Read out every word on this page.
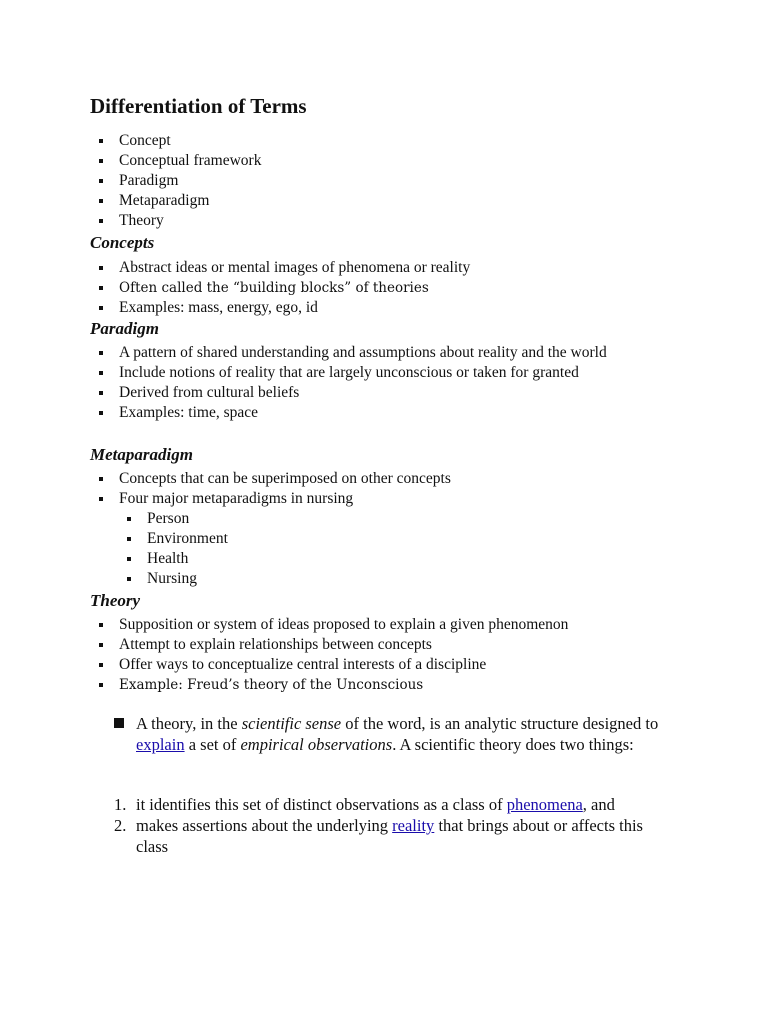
Differentiation of Terms
Concept
Conceptual framework
Paradigm
Metaparadigm
Theory
Concepts
Abstract ideas or mental images of phenomena or reality
Often called the “building blocks” of theories
Examples: mass, energy, ego, id
Paradigm
A pattern of shared understanding and assumptions about reality and the world
Include notions of reality that are largely unconscious or taken for granted
Derived from cultural beliefs
Examples: time, space
Metaparadigm
Concepts that can be superimposed on other concepts
Four major metaparadigms in nursing
Person
Environment
Health
Nursing
Theory
Supposition or system of ideas proposed to explain a given phenomenon
Attempt to explain relationships between concepts
Offer ways to conceptualize central interests of a discipline
Example: Freud’s theory of the Unconscious
A theory, in the scientific sense of the word, is an analytic structure designed to explain a set of empirical observations. A scientific theory does two things:
1. it identifies this set of distinct observations as a class of phenomena, and
2. makes assertions about the underlying reality that brings about or affects this class
